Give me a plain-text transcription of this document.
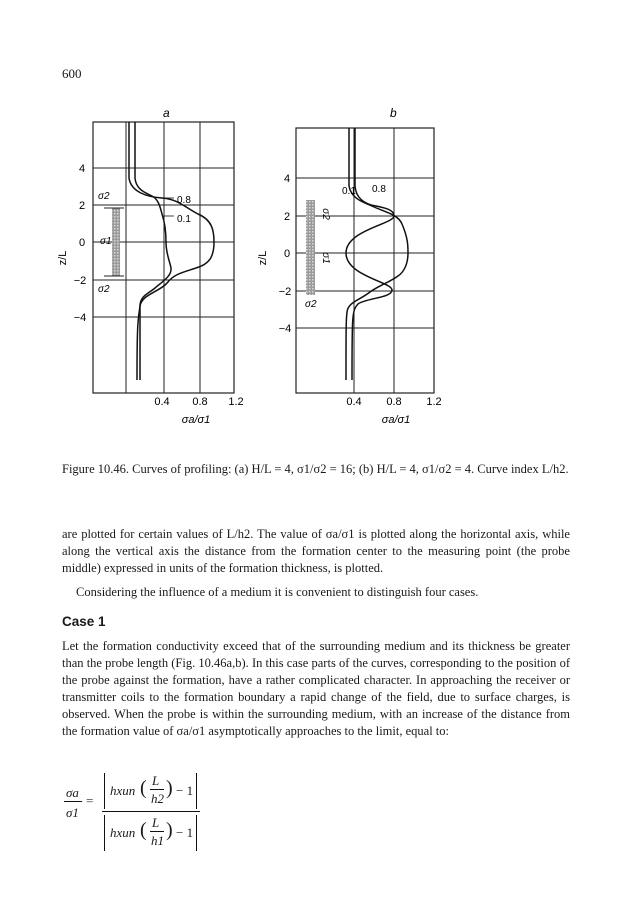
600
a
4
2
0
−2
−4
z/L
σ2
σ1
σ2
0.4 0.8 1.2
σa/σ1
0.8
0.1
b
4
2
0
−2
−4
z/L
σ2
σ1
σ2
0.4 0.8 1.2
σa/σ1
0.1 0.8
Figure 10.46. Curves of profiling: (a) H/L = 4, σ1/σ2 = 16; (b) H/L = 4, σ1/σ2 = 4. Curve index L/h2.
are plotted for certain values of L/h2. The value of σa/σ1 is plotted along the horizontal axis, while along the vertical axis the distance from the formation center to the measuring point (the probe middle) expressed in units of the formation thickness, is plotted.
Considering the influence of a medium it is convenient to distinguish four cases.
Case 1
Let the formation conductivity exceed that of the surrounding medium and its thickness be greater than the probe length (Fig. 10.46a,b). In this case parts of the curves, corresponding to the position of the probe against the formation, have a rather complicated character. In approaching the receiver or transmitter coils to the formation boundary a rapid change of the field, due to surface charges, is observed. When the probe is within the surrounding medium, with an increase of the distance from the formation value of σa/σ1 asymptotically approaches to the limit, equal to:
σa
σ1
=
hxun ( L
h2 ) − 1
hxun ( L
h1 ) − 1
